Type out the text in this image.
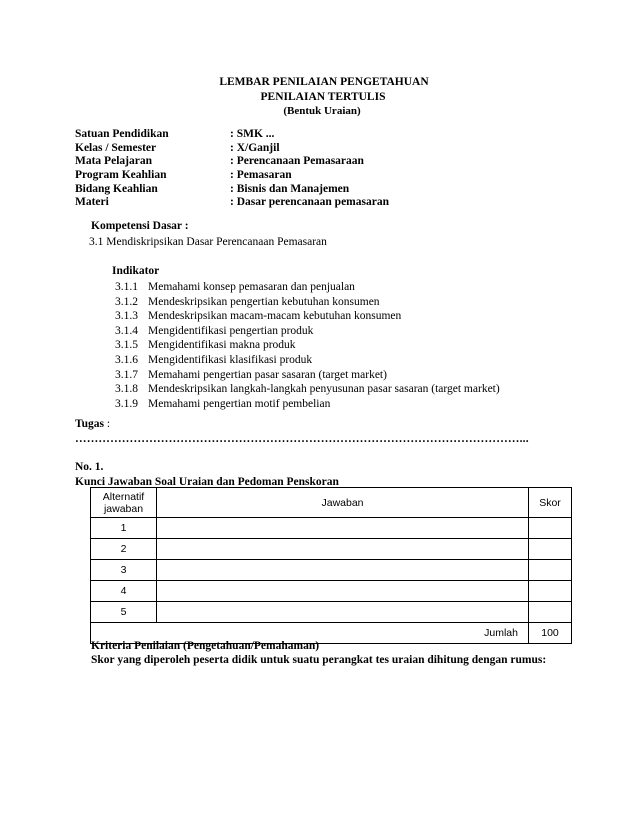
LEMBAR PENILAIAN PENGETAHUAN
PENILAIAN TERTULIS
(Bentuk Uraian)
Satuan Pendidikan	: SMK ...
Kelas / Semester	: X/Ganjil
Mata Pelajaran	: Perencanaan Pemasaraan
Program Keahlian	: Pemasaran
Bidang Keahlian	: Bisnis dan Manajemen
Materi	: Dasar perencanaan pemasaran
Kompetensi Dasar :
3.1 Mendiskripsikan Dasar Perencanaan Pemasaran
Indikator
3.1.1 Memahami konsep pemasaran dan penjualan
3.1.2 Mendeskripsikan pengertian kebutuhan konsumen
3.1.3 Mendeskripsikan macam-macam kebutuhan konsumen
3.1.4 Mengidentifikasi pengertian produk
3.1.5 Mengidentifikasi makna produk
3.1.6 Mengidentifikasi klasifikasi produk
3.1.7 Memahami pengertian pasar sasaran (target market)
3.1.8 Mendeskripsikan langkah-langkah penyusunan pasar sasaran (target market)
3.1.9 Memahami pengertian motif pembelian
Tugas :
……………………………………………………………………………………………………...
No. 1.
Kunci Jawaban Soal Uraian dan Pedoman Penskoran
Alternatif
jawaban	Jawaban	Skor
1		
2		
3		
4		
5		
Jumlah		100
Kriteria Penilaian (Pengetahuan/Pemahaman)
Skor yang diperoleh peserta didik untuk suatu perangkat tes uraian dihitung dengan rumus:
